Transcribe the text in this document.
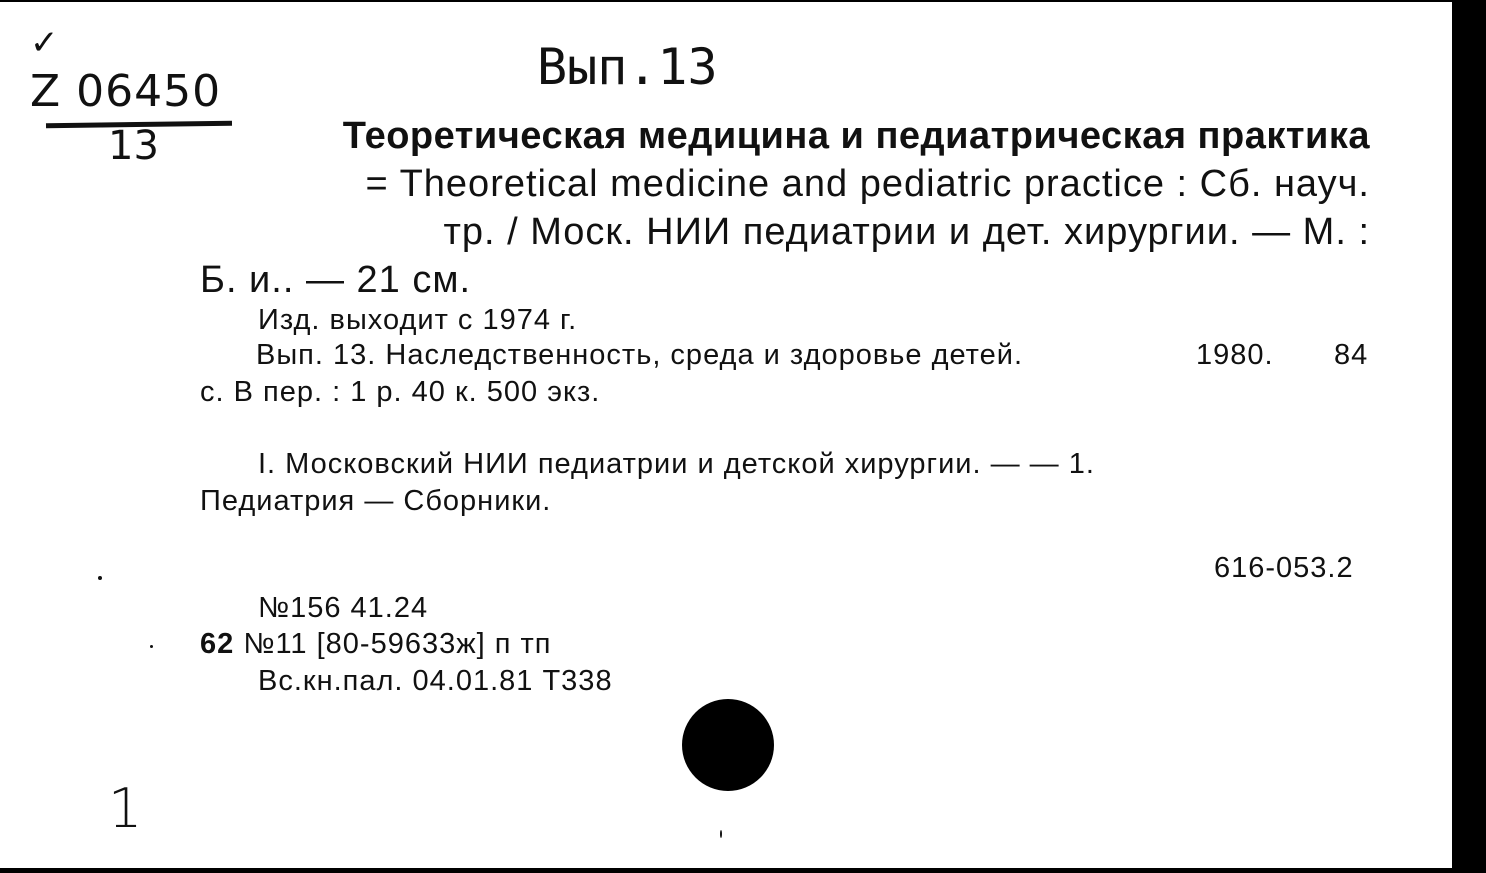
✓
Z 06450
13
Вып.13
Теоретическая медицина и педиатрическая практика
= Theoretical medicine and pediatric practice : Сб. науч.
тр. / Моск. НИИ педиатрии и дет. хирургии. — М. :
Б. и.. — 21 см.
Изд. выходит с 1974 г.
Вып. 13. Наследственность, среда и здоровье детей.	1980. 84
с. В пер. : 1 р. 40 к. 500 экз.
I. Московский НИИ педиатрии и детской хирургии. — — 1.
Педиатрия — Сборники.
616-053.2
№156 41.24
62 №11 [80-59633ж] п тп
Вс.кн.пал. 04.01.81 Т338
1
